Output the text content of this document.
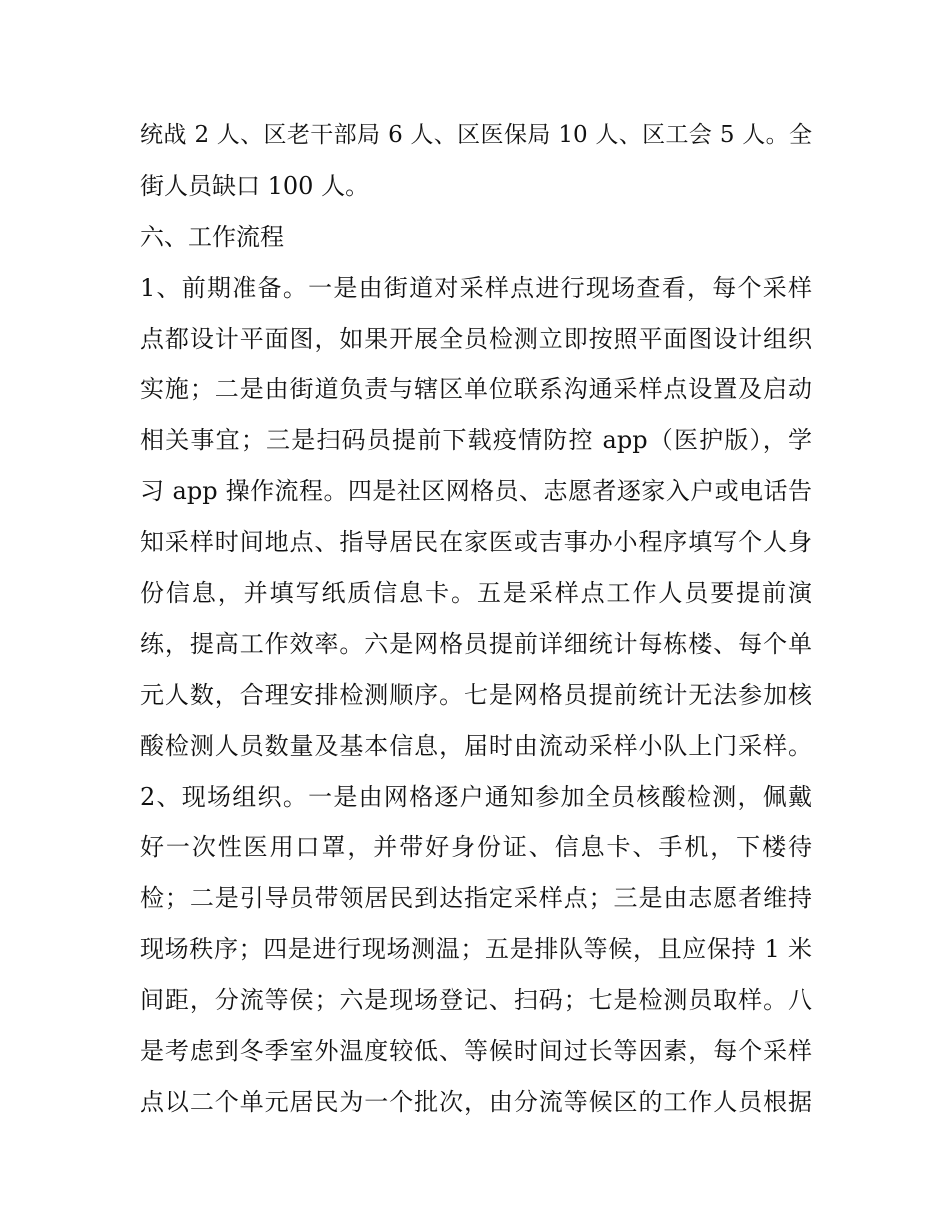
统战 2 人、区老干部局 6 人、区医保局 10 人、区工会 5 人。全
街人员缺口 100 人。
六、工作流程
1、前期准备。一是由街道对采样点进行现场查看，每个采样
点都设计平面图，如果开展全员检测立即按照平面图设计组织
实施；二是由街道负责与辖区单位联系沟通采样点设置及启动
相关事宜；三是扫码员提前下载疫情防控 app（医护版），学
习 app 操作流程。四是社区网格员、志愿者逐家入户或电话告
知采样时间地点、指导居民在家医或吉事办小程序填写个人身
份信息，并填写纸质信息卡。五是采样点工作人员要提前演
练，提高工作效率。六是网格员提前详细统计每栋楼、每个单
元人数，合理安排检测顺序。七是网格员提前统计无法参加核
酸检测人员数量及基本信息，届时由流动采样小队上门采样。
2、现场组织。一是由网格逐户通知参加全员核酸检测，佩戴
好一次性医用口罩，并带好身份证、信息卡、手机，下楼待
检；二是引导员带领居民到达指定采样点；三是由志愿者维持
现场秩序；四是进行现场测温；五是排队等候，且应保持 1 米
间距，分流等侯；六是现场登记、扫码；七是检测员取样。八
是考虑到冬季室外温度较低、等候时间过长等因素，每个采样
点以二个单元居民为一个批次，由分流等候区的工作人员根据
